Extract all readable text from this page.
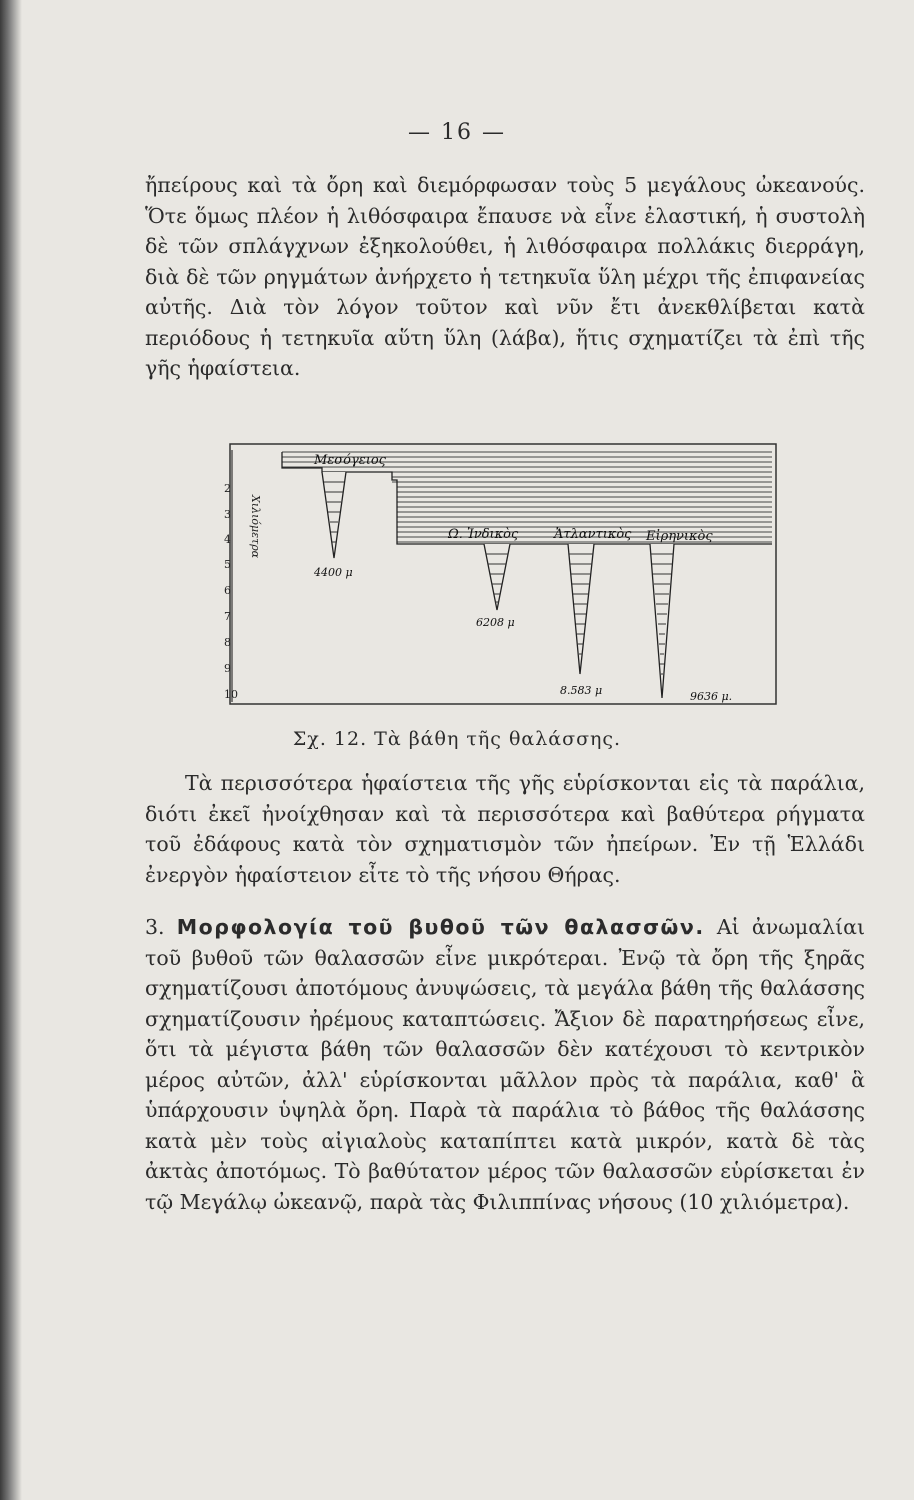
— 16 —
ἤπείρους καὶ τὰ ὄρη καὶ διεμόρφωσαν τοὺς 5 μεγάλους ὠκεανούς. Ὅτε ὅμως πλέον ἡ λιθόσφαιρα ἔπαυσε νὰ εἶνε ἐλαστική, ἡ συστολὴ δὲ τῶν σπλάγχνων ἐξηκολούθει, ἡ λιθόσφαιρα πολλάκις διερράγη, διὰ δὲ τῶν ρηγμάτων ἀνήρχετο ἡ τετηκυῖα ὕλη μέχρι τῆς ἐπιφανείας αὐτῆς. Διὰ τὸν λόγον τοῦτον καὶ νῦν ἔτι ἀνεκθλίβεται κατὰ περιόδους ἡ τετηκυῖα αὕτη ὕλη (λάβα), ἥτις σχηματίζει τὰ ἐπὶ τῆς γῆς ἡφαίστεια.
2
3
4
5
6
7
8
9
10
Χιλιόμετρα
Μεσόγειος
Ω. Ἰνδικὸς	Ἀτλαντικὸς Εἰρηνικὸς
4400 μ
6208 μ
8.583 μ	9636 μ.
Σχ. 12. Τὰ βάθη τῆς θαλάσσης.
Τὰ περισσότερα ἡφαίστεια τῆς γῆς εὑρίσκονται εἰς τὰ παράλια, διότι ἐκεῖ ἠνοίχθησαν καὶ τὰ περισσότερα καὶ βαθύτερα ρήγματα τοῦ ἐδάφους κατὰ τὸν σχηματισμὸν τῶν ἠπείρων. Ἐν τῇ Ἑλλάδι ἐνεργὸν ἡφαίστειον εἶτε τὸ τῆς νήσου Θήρας.
3. Μορφολογία τοῦ βυθοῦ τῶν θαλασσῶν. Αἱ ἀνωμαλίαι τοῦ βυθοῦ τῶν θαλασσῶν εἶνε μικρότεραι. Ἐνῷ τὰ ὄρη τῆς ξηρᾶς σχηματίζουσι ἀποτόμους ἀνυψώσεις, τὰ μεγάλα βάθη τῆς θαλάσσης σχηματίζουσιν ἠρέμους καταπτώσεις. Ἄξιον δὲ παρατηρήσεως εἶνε, ὅτι τὰ μέγιστα βάθη τῶν θαλασσῶν δὲν κατέχουσι τὸ κεντρικὸν μέρος αὐτῶν, ἀλλ' εὑρίσκονται μᾶλλον πρὸς τὰ παράλια, καθ' ἃ ὑπάρχουσιν ὑψηλὰ ὄρη. Παρὰ τὰ παράλια τὸ βάθος τῆς θαλάσσης κατὰ μὲν τοὺς αἰγιαλοὺς καταπίπτει κατὰ μικρόν, κατὰ δὲ τὰς ἀκτὰς ἀποτόμως. Τὸ βαθύτατον μέρος τῶν θαλασσῶν εὑρίσκεται ἐν τῷ Μεγάλῳ ὠκεανῷ, παρὰ τὰς Φιλιππίνας νήσους (10 χιλιόμετρα).
